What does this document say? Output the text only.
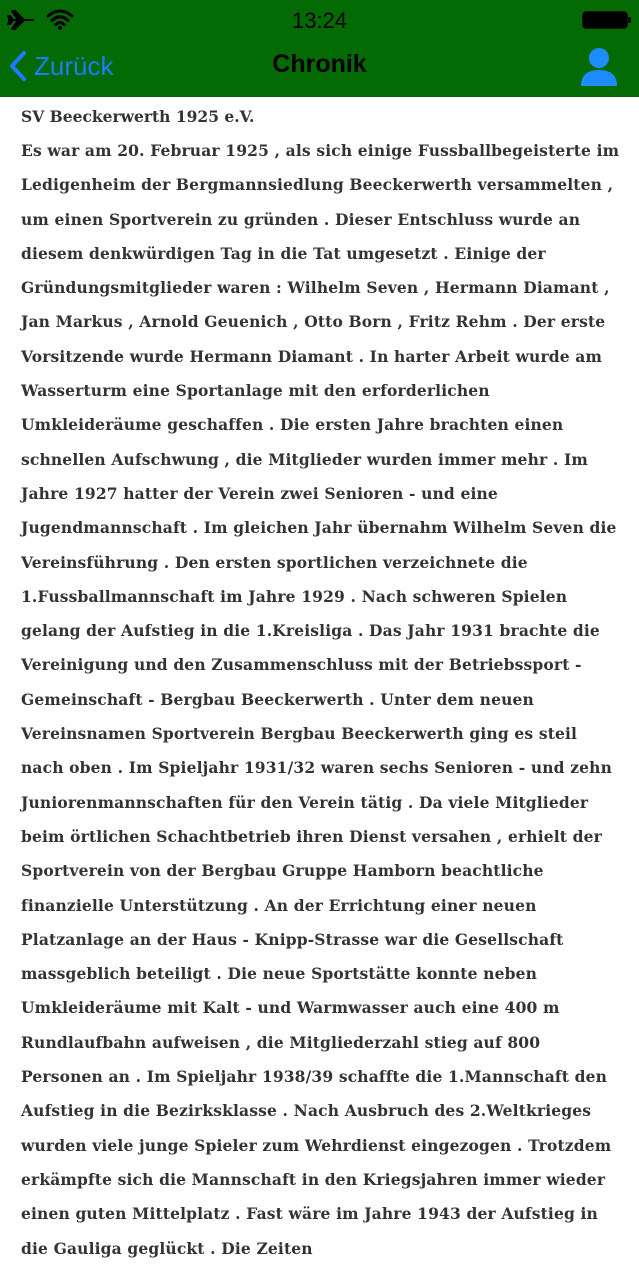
13:24
Zurück	Chronik

SV Beeckerwerth 1925 e.V.

Es war am 20. Februar 1925 , als sich einige Fussballbegeisterte im Ledigenheim der Bergmannsiedlung Beeckerwerth versammelten , um einen Sportverein zu gründen . Dieser Entschluss wurde an diesem denkwürdigen Tag in die Tat umgesetzt . Einige der Gründungsmitglieder waren : Wilhelm Seven , Hermann Diamant , Jan Markus , Arnold Geuenich , Otto Born , Fritz Rehm . Der erste Vorsitzende wurde Hermann Diamant . In harter Arbeit wurde am Wasserturm eine Sportanlage mit den erforderlichen Umkleideräume geschaffen . Die ersten Jahre brachten einen schnellen Aufschwung , die Mitglieder wurden immer mehr . Im Jahre 1927 hatter der Verein zwei Senioren - und eine Jugendmannschaft . Im gleichen Jahr übernahm Wilhelm Seven die Vereinsführung . Den ersten sportlichen verzeichnete die 1.Fussballmannschaft im Jahre 1929 . Nach schweren Spielen gelang der Aufstieg in die 1.Kreisliga . Das Jahr 1931 brachte die Vereinigung und den Zusammenschluss mit der Betriebssport - Gemeinschaft - Bergbau Beeckerwerth . Unter dem neuen Vereinsnamen Sportverein Bergbau Beeckerwerth ging es steil nach oben . Im Spieljahr 1931/32 waren sechs Senioren - und zehn Juniorenmannschaften für den Verein tätig . Da viele Mitglieder beim örtlichen Schachtbetrieb ihren Dienst versahen , erhielt der Sportverein von der Bergbau Gruppe Hamborn beachtliche finanzielle Unterstützung . An der Errichtung einer neuen Platzanlage an der Haus - Knipp-Strasse war die Gesellschaft massgeblich beteiligt . Die neue Sportstätte konnte neben Umkleideräume mit Kalt - und Warmwasser auch eine 400 m Rundlaufbahn aufweisen , die Mitgliederzahl stieg auf 800 Personen an . Im Spieljahr 1938/39 schaffte die 1.Mannschaft den Aufstieg in die Bezirksklasse . Nach Ausbruch des 2.Weltkrieges wurden viele junge Spieler zum Wehrdienst eingezogen . Trotzdem erkämpfte sich die Mannschaft in den Kriegsjahren immer wieder einen guten Mittelplatz . Fast wäre im Jahre 1943 der Aufstieg in die Gauliga geglückt . Die Zeiten
